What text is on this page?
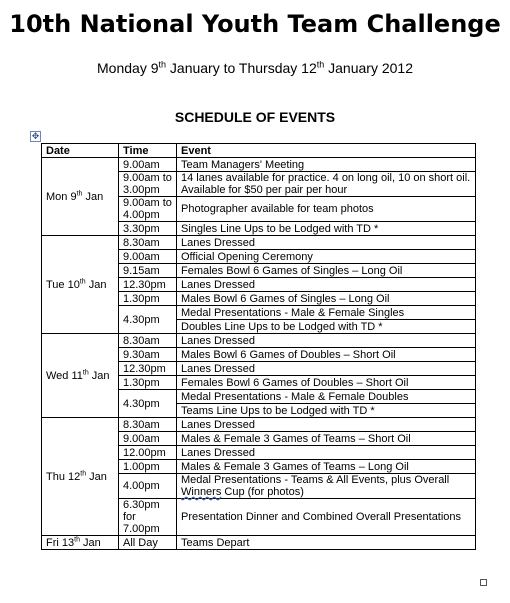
10th National Youth Team Challenge
Monday 9th January to Thursday 12th January 2012
SCHEDULE OF EVENTS
✥
Date	Time	Event
Mon 9th Jan	9.00am	Team Managers' Meeting
	9.00am to 3.00pm	14 lanes available for practice. 4 on long oil, 10 on short oil. Available for $50 per pair per hour
	9.00am to 4.00pm	Photographer available for team photos
	3.30pm	Singles Line Ups to be Lodged with TD *
Tue 10th Jan	8.30am	Lanes Dressed
	9.00am	Official Opening Ceremony
	9.15am	Females Bowl 6 Games of Singles – Long Oil
	12.30pm	Lanes Dressed
	1.30pm	Males Bowl 6 Games of Singles – Long Oil
	4.30pm	Medal Presentations - Male & Female Singles
		Doubles Line Ups to be Lodged with TD *
Wed 11th Jan	8.30am	Lanes Dressed
	9.30am	Males Bowl 6 Games of Doubles – Short Oil
	12.30pm	Lanes Dressed
	1.30pm	Females Bowl 6 Games of Doubles – Short Oil
	4.30pm	Medal Presentations - Male & Female Doubles
		Teams Line Ups to be Lodged with TD *
Thu 12th Jan	8.30am	Lanes Dressed
	9.00am	Males & Female 3 Games of Teams – Short Oil
	12.00pm	Lanes Dressed
	1.00pm	Males & Female 3 Games of Teams – Long Oil
	4.00pm	Medal Presentations - Teams & All Events, plus Overall Winners Cup (for photos)
	6.30pm for 7.00pm	Presentation Dinner and Combined Overall Presentations
Fri 13th Jan	All Day	Teams Depart
